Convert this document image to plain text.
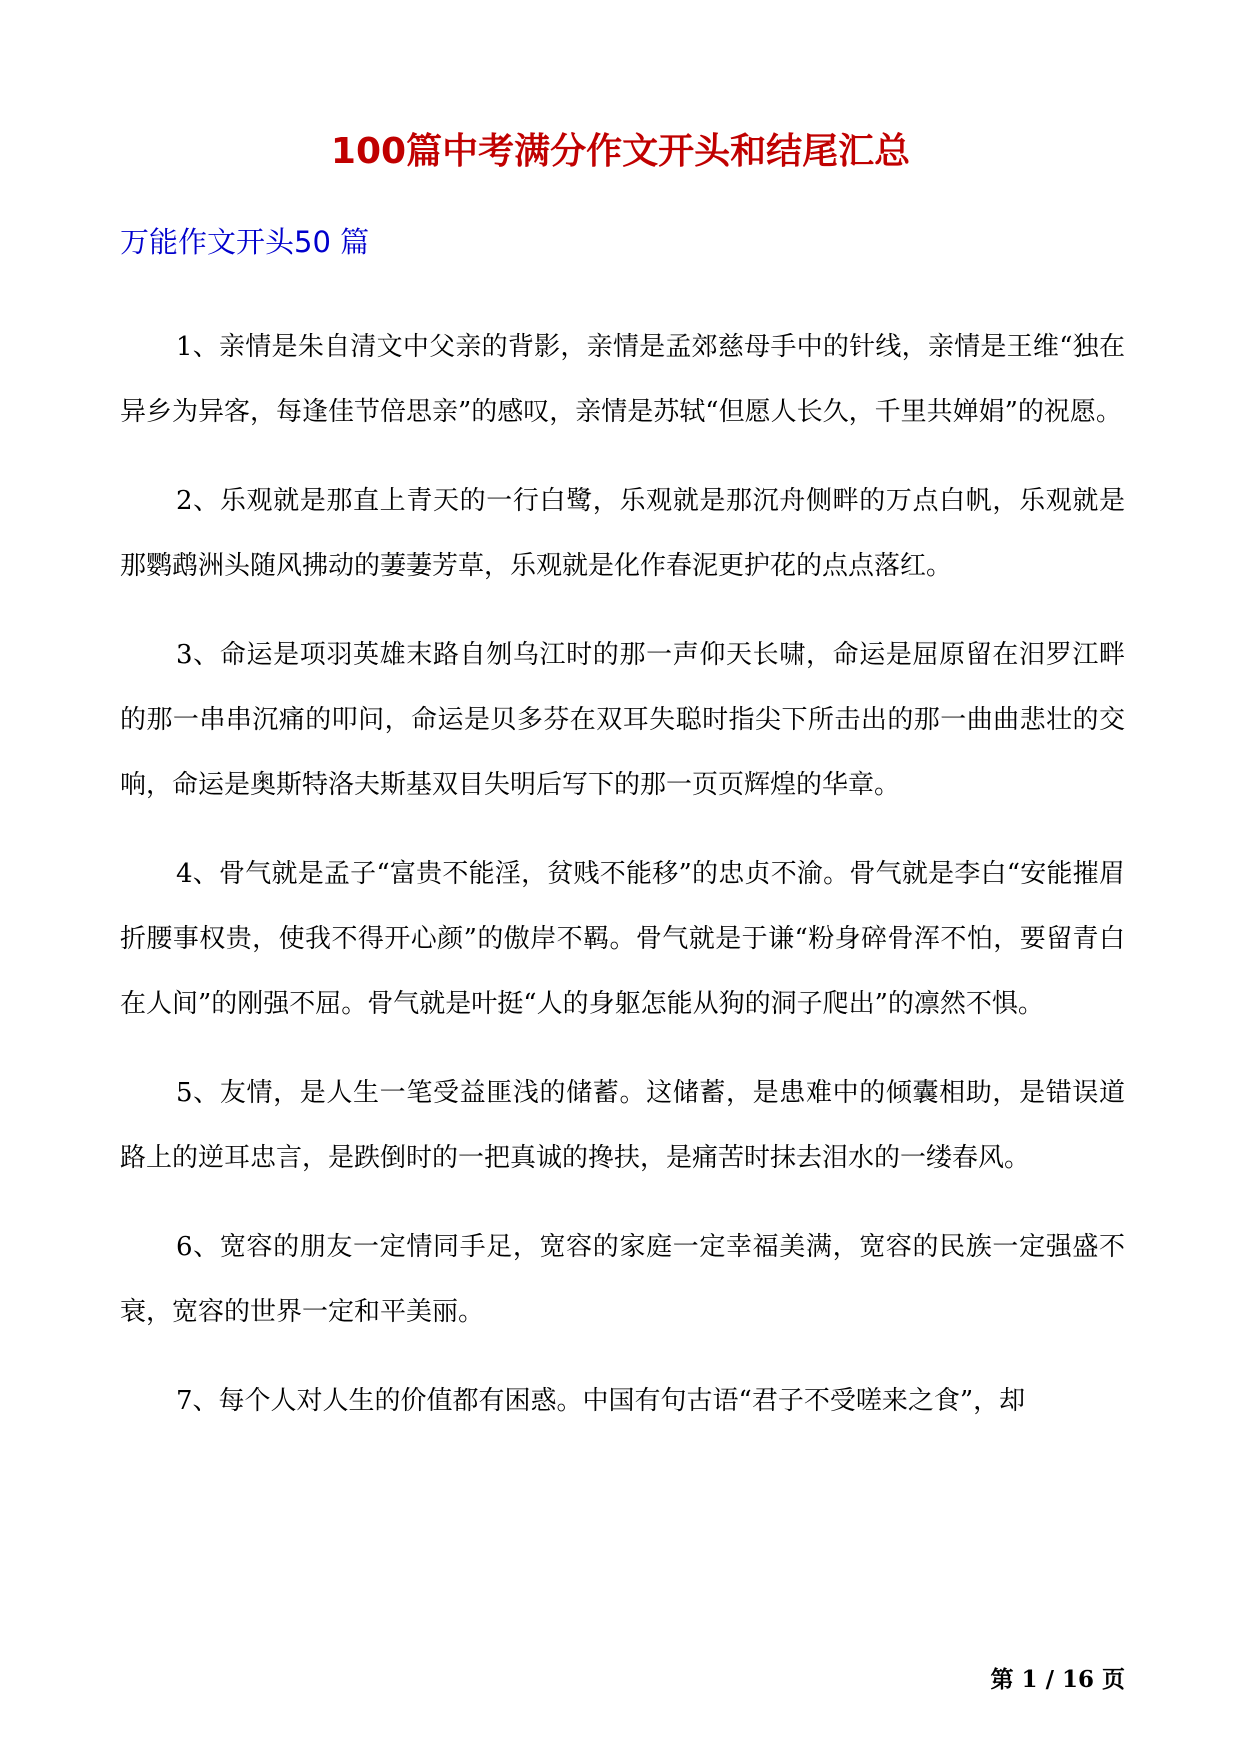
100篇中考满分作文开头和结尾汇总
万能作文开头50 篇

1、亲情是朱自清文中父亲的背影，亲情是孟郊慈母手中的针线，亲情是王维“独在异乡为异客，每逢佳节倍思亲”的感叹，亲情是苏轼“但愿人长久，千里共婵娟”的祝愿。

2、乐观就是那直上青天的一行白鹭，乐观就是那沉舟侧畔的万点白帆，乐观就是那鹦鹉洲头随风拂动的萋萋芳草，乐观就是化作春泥更护花的点点落红。

3、命运是项羽英雄末路自刎乌江时的那一声仰天长啸，命运是屈原留在汨罗江畔的那一串串沉痛的叩问，命运是贝多芬在双耳失聪时指尖下所击出的那一曲曲悲壮的交响，命运是奥斯特洛夫斯基双目失明后写下的那一页页辉煌的华章。

4、骨气就是孟子“富贵不能淫，贫贱不能移”的忠贞不渝。骨气就是李白“安能摧眉折腰事权贵，使我不得开心颜”的傲岸不羁。骨气就是于谦“粉身碎骨浑不怕，要留青白在人间”的刚强不屈。骨气就是叶挺“人的身躯怎能从狗的洞子爬出”的凛然不惧。

5、友情，是人生一笔受益匪浅的储蓄。这储蓄，是患难中的倾囊相助，是错误道路上的逆耳忠言，是跌倒时的一把真诚的搀扶，是痛苦时抹去泪水的一缕春风。

6、宽容的朋友一定情同手足，宽容的家庭一定幸福美满，宽容的民族一定强盛不衰，宽容的世界一定和平美丽。

7、每个人对人生的价值都有困惑。中国有句古语“君子不受嗟来之食”，却

第 1 / 16 页
